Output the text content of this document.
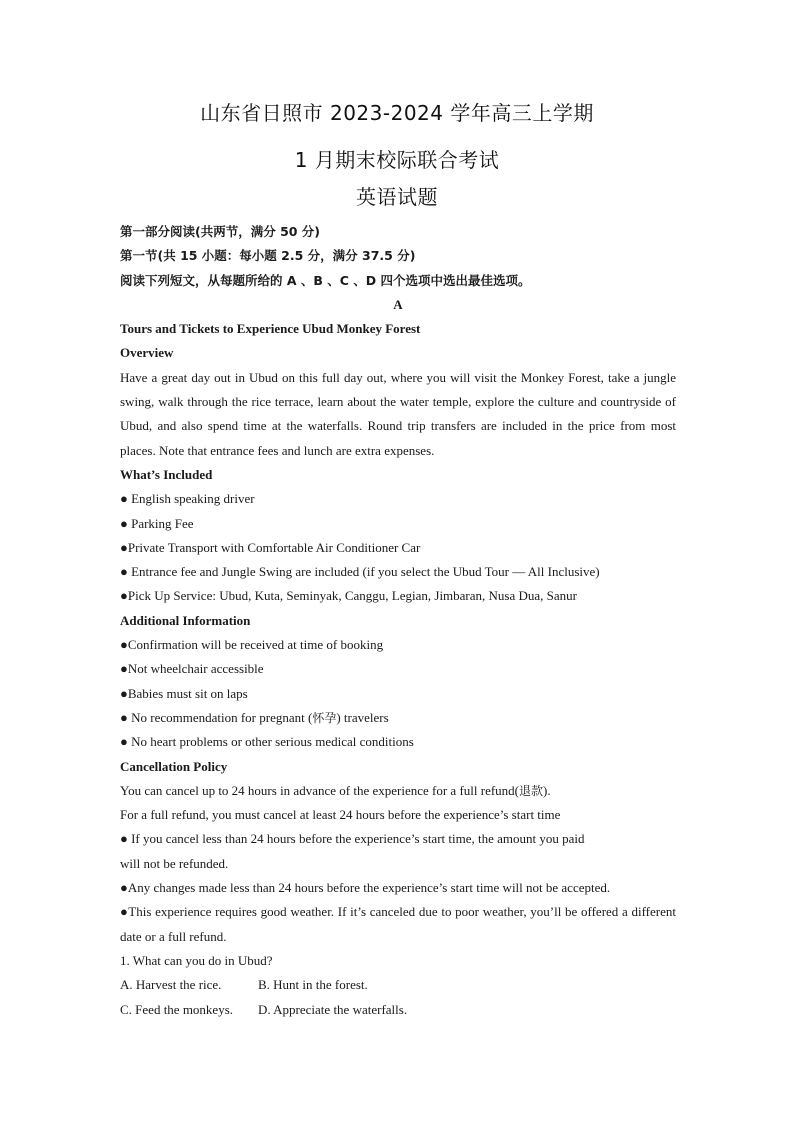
山东省日照市 2023-2024 学年高三上学期
1 月期末校际联合考试
英语试题
第一部分阅读(共两节，满分 50 分)
第一节(共 15 小题：每小题 2.5 分，满分 37.5 分)
阅读下列短文，从每题所给的 A 、B 、C 、D 四个选项中选出最佳选项。
A
Tours and Tickets to Experience Ubud Monkey Forest
Overview
Have a great day out in Ubud on this full day out, where you will visit the Monkey Forest, take a jungle swing, walk through the rice terrace, learn about the water temple, explore the culture and countryside of Ubud, and also spend time at the waterfalls. Round trip transfers are included in the price from most places. Note that entrance fees and lunch are extra expenses.
What’s Included
● English speaking driver
● Parking Fee
●Private Transport with Comfortable Air Conditioner Car
● Entrance fee and Jungle Swing are included (if you select the Ubud Tour — All Inclusive)
●Pick Up Service: Ubud, Kuta, Seminyak, Canggu, Legian, Jimbaran, Nusa Dua, Sanur
Additional Information
●Confirmation will be received at time of booking
●Not wheelchair accessible
●Babies must sit on laps
● No recommendation for pregnant (怀孕) travelers
● No heart problems or other serious medical conditions
Cancellation Policy
You can cancel up to 24 hours in advance of the experience for a full refund(退款).
For a full refund, you must cancel at least 24 hours before the experience’s start time
● If you cancel less than 24 hours before the experience’s start time, the amount you paid
will not be refunded.
●Any changes made less than 24 hours before the experience’s start time will not be accepted.
●This experience requires good weather. If it’s canceled due to poor weather, you’ll be offered a different date or a full refund.
1. What can you do in Ubud?
A. Harvest the rice.	B. Hunt in the forest.
C. Feed the monkeys.	D. Appreciate the waterfalls.
